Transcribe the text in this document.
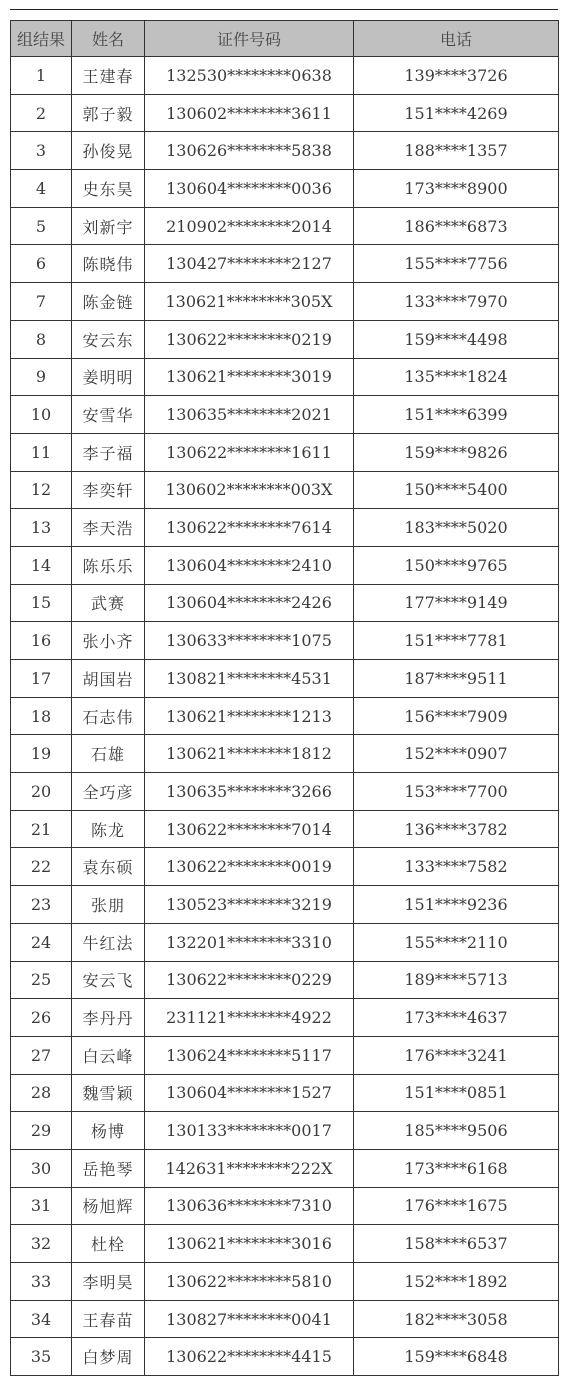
组结果	姓名	证件号码	电话
1	王建春	132530********0638	139****3726
2	郭子毅	130602********3611	151****4269
3	孙俊晃	130626********5838	188****1357
4	史东昊	130604********0036	173****8900
5	刘新宇	210902********2014	186****6873
6	陈晓伟	130427********2127	155****7756
7	陈金链	130621********305X	133****7970
8	安云东	130622********0219	159****4498
9	姜明明	130621********3019	135****1824
10	安雪华	130635********2021	151****6399
11	李子福	130622********1611	159****9826
12	李奕轩	130602********003X	150****5400
13	李天浩	130622********7614	183****5020
14	陈乐乐	130604********2410	150****9765
15	武赛	130604********2426	177****9149
16	张小齐	130633********1075	151****7781
17	胡国岩	130821********4531	187****9511
18	石志伟	130621********1213	156****7909
19	石雄	130621********1812	152****0907
20	全巧彦	130635********3266	153****7700
21	陈龙	130622********7014	136****3782
22	袁东硕	130622********0019	133****7582
23	张朋	130523********3219	151****9236
24	牛红法	132201********3310	155****2110
25	安云飞	130622********0229	189****5713
26	李丹丹	231121********4922	173****4637
27	白云峰	130624********5117	176****3241
28	魏雪颖	130604********1527	151****0851
29	杨博	130133********0017	185****9506
30	岳艳琴	142631********222X	173****6168
31	杨旭辉	130636********7310	176****1675
32	杜栓	130621********3016	158****6537
33	李明昊	130622********5810	152****1892
34	王春苗	130827********0041	182****3058
35	白梦周	130622********4415	159****6848
